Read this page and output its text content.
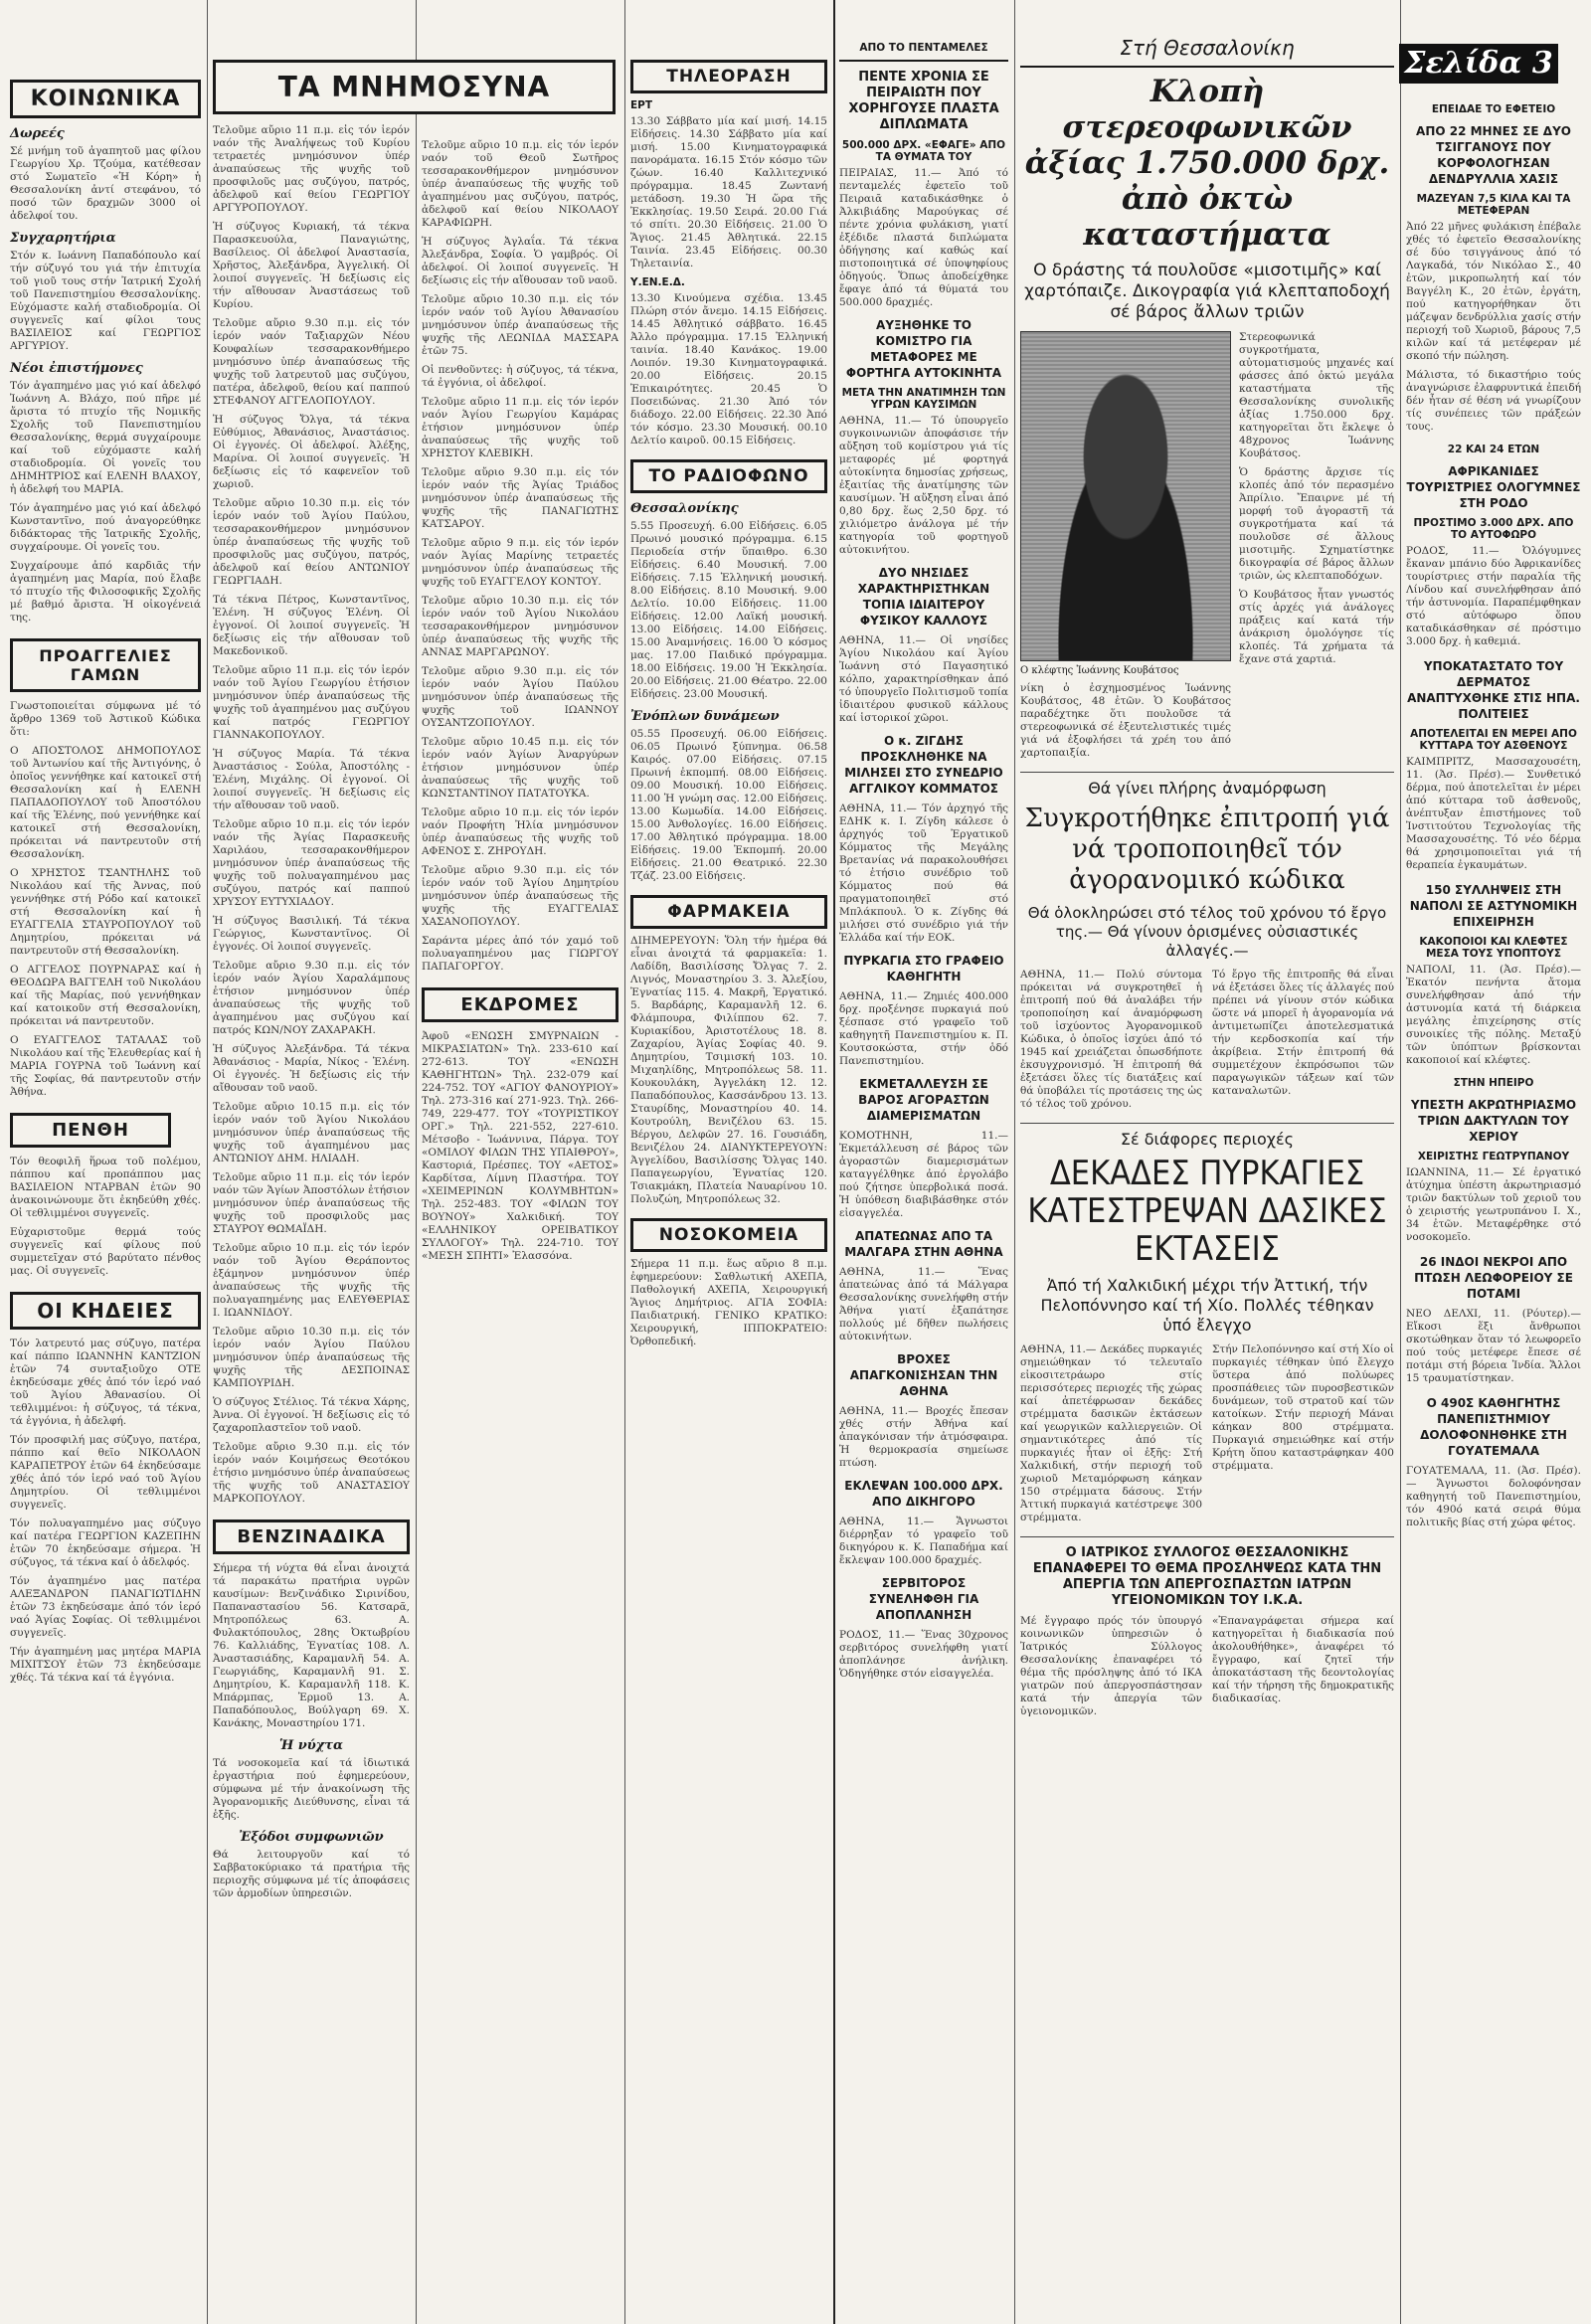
ΚΟΙΝΩΝΙΚΑ
Δωρεές

Σέ μνήμη τοῦ ἀγαπητοῦ μας φίλου Γεωργίου Χρ. Τζούμα, κατέθεσαν στό Σωματεῖο «Ἡ Κόρη» ἡ Θεσσαλονίκη ἀντί στεφάνου, τό ποσό τῶν δραχμῶν 3000 οἱ ἀδελφοί του.

Συγχαρητήρια

Στόν κ. Ιωάννη Παπαδόπουλο καί τήν σύζυγό του γιά τήν ἐπιτυχία τοῦ γιοῦ τους στήν Ἰατρική Σχολή τοῦ Πανεπιστημίου Θεσσαλονίκης. Εὐχόμαστε καλή σταδιοδρομία. Οἱ συγγενεῖς καί φίλοι τους ΒΑΣΙΛΕΙΟΣ καί ΓΕΩΡΓΙΟΣ ΑΡΓΥΡΙΟΥ.

Νέοι ἐπιστήμονες

Τόν ἀγαπημένο μας γιό καί ἀδελφό Ἰωάννη Α. Βλάχο, πού πῆρε μέ ἄριστα τό πτυχίο τῆς Νομικῆς Σχολῆς τοῦ Πανεπιστημίου Θεσσαλονίκης, θερμά συγχαίρουμε καί τοῦ εὐχόμαστε καλή σταδιοδρομία. Οἱ γονεῖς του ΔΗΜΗΤΡΙΟΣ καί ΕΛΕΝΗ ΒΛΑΧΟΥ, ἡ ἀδελφή του ΜΑΡΙΑ.

Τόν ἀγαπημένο μας γιό καί ἀδελφό Κωνσταντῖνο, πού ἀναγορεύθηκε διδάκτορας τῆς Ἰατρικῆς Σχολῆς, συγχαίρουμε. Οἱ γονεῖς του.

Συγχαίρουμε ἀπό καρδιᾶς τήν ἀγαπημένη μας Μαρία, πού ἔλαβε τό πτυχίο τῆς Φιλοσοφικῆς Σχολῆς μέ βαθμό ἄριστα. Ἡ οἰκογένειά της.

ΠΡΟΑΓΓΕΛΙΕΣ ΓΑΜΩΝ

Γνωστοποιείται σύμφωνα μέ τό ἄρθρο 1369 τοῦ Ἀστικοῦ Κώδικα ὅτι:

Ο ΑΠΟΣΤΟΛΟΣ ΔΗΜΟΠΟΥΛΟΣ τοῦ Ἀντωνίου καί τῆς Ἀντιγόνης, ὁ ὁποῖος γεννήθηκε καί κατοικεῖ στή Θεσσαλονίκη καί ἡ ΕΛΕΝΗ ΠΑΠΑΔΟΠΟΥΛΟΥ τοῦ Ἀποστόλου καί τῆς Ἑλένης, πού γεννήθηκε καί κατοικεῖ στή Θεσσαλονίκη, πρόκειται νά παντρευτοῦν στή Θεσσαλονίκη.

Ο ΧΡΗΣΤΟΣ ΤΣΑΝΤΗΛΗΣ τοῦ Νικολάου καί τῆς Ἀννας, πού γεννήθηκε στή Ρόδο καί κατοικεῖ στή Θεσσαλονίκη καί ἡ ΕΥΑΓΓΕΛΙΑ ΣΤΑΥΡΟΠΟΥΛΟΥ τοῦ Δημητρίου, πρόκειται νά παντρευτοῦν στή Θεσσαλονίκη.

Ο ΑΓΓΕΛΟΣ ΠΟΥΡΝΑΡΑΣ καί ἡ ΘΕΟΔΩΡΑ ΒΑΓΓΕΛΗ τοῦ Νικολάου καί τῆς Μαρίας, πού γεννήθηκαν καί κατοικοῦν στή Θεσσαλονίκη, πρόκειται νά παντρευτοῦν.

Ο ΕΥΑΓΓΕΛΟΣ ΤΑΤΑΛΑΣ τοῦ Νικολάου καί τῆς Ἐλευθερίας καί ἡ ΜΑΡΙΑ ΓΟΥΡΝΑ τοῦ Ἰωάννη καί τῆς Σοφίας, θά παντρευτοῦν στήν Ἀθήνα.

ΠΕΝΘΗ

Τόν θεοφιλῆ ἥρωα τοῦ πολέμου, πάππου καί προπάππου μας ΒΑΣΙΛΕΙΟΝ ΝΤΑΡΒΑΝ ἐτῶν 90 ἀνακοινώνουμε ὅτι ἐκηδεύθη χθές. Οἱ τεθλιμμένοι συγγενεῖς.

Εὐχαριστοῦμε θερμά τούς συγγενεῖς καί φίλους πού συμμετεῖχαν στό βαρύτατο πένθος μας. Οἱ συγγενεῖς.

ΟΙ ΚΗΔΕΙΕΣ

Τόν λατρευτό μας σύζυγο, πατέρα καί πάππο ΙΩΑΝΝΗΝ ΚΑΝΤΖΙΟΝ ἐτῶν 74 συνταξιοῦχο ΟΤΕ ἐκηδεύσαμε χθές ἀπό τόν ἱερό ναό τοῦ Ἁγίου Ἀθανασίου. Οἱ τεθλιμμένοι: ἡ σύζυγος, τά τέκνα, τά ἐγγόνια, ἡ ἀδελφή.

Τόν προσφιλή μας σύζυγο, πατέρα, πάππο καί θεῖο ΝΙΚΟΛΑΟΝ ΚΑΡΑΠΕΤΡΟΥ ἐτῶν 64 ἐκηδεύσαμε χθές ἀπό τόν ἱερό ναό τοῦ Ἁγίου Δημητρίου. Οἱ τεθλιμμένοι συγγενεῖς.

Τόν πολυαγαπημένο μας σύζυγο καί πατέρα ΓΕΩΡΓΙΟΝ ΚΑΖΕΠΗΝ ἐτῶν 70 ἐκηδεύσαμε σήμερα. Ἡ σύζυγος, τά τέκνα καί ὁ ἀδελφός.

Τόν ἀγαπημένο μας πατέρα ΑΛΕΞΑΝΔΡΟΝ ΠΑΝΑΓΙΩΤΙΔΗΝ ἐτῶν 73 ἐκηδεύσαμε ἀπό τόν ἱερό ναό Ἁγίας Σοφίας. Οἱ τεθλιμμένοι συγγενεῖς.

Τήν ἀγαπημένη μας μητέρα ΜΑΡΙΑ ΜΙΧΙΤΣΟΥ ἐτῶν 73 ἐκηδεύσαμε χθές. Τά τέκνα καί τά ἐγγόνια.

ΤΑ ΜΝΗΜΟΣΥΝΑ

Τελοῦμε αὔριο 11 π.μ. εἰς τόν ἱερόν ναόν τῆς Ἀναλήψεως τοῦ Κυρίου τετραετές μνημόσυνον ὑπέρ ἀναπαύσεως τῆς ψυχῆς τοῦ προσφιλοῦς μας συζύγου, πατρός, ἀδελφοῦ καί θείου ΓΕΩΡΓΙΟΥ ΑΡΓΥΡΟΠΟΥΛΟΥ.

Ἡ σύζυγος Κυριακή, τά τέκνα Παρασκευούλα, Παναγιώτης, Βασίλειος. Οἱ ἀδελφοί Ἀναστασία, Χρῆστος, Ἀλεξάνδρα, Ἀγγελική. Οἱ λοιποί συγγενεῖς. Ἡ δεξίωσις εἰς τήν αἴθουσαν Ἀναστάσεως τοῦ Κυρίου.

Τελοῦμε αὔριο 9.30 π.μ. εἰς τόν ἱερόν ναόν Ταξιαρχῶν Νέου Κουφαλίων τεσσαρακονθήμερο μνημόσυνο ὑπέρ ἀναπαύσεως τῆς ψυχῆς τοῦ λατρευτοῦ μας συζύγου, πατέρα, ἀδελφοῦ, θείου καί παππού ΣΤΕΦΑΝΟΥ ΑΓΓΕΛΟΠΟΥΛΟΥ.

Ἡ σύζυγος Ὄλγα, τά τέκνα Εὐθύμιος, Ἀθανάσιος, Ἀναστάσιος. Οἱ ἐγγονές. Οἱ ἀδελφοί. Ἀλέξης, Μαρίνα. Οἱ λοιποί συγγενεῖς. Ἡ δεξίωσις εἰς τό καφενεῖον τοῦ χωριοῦ.

Τελοῦμε αὔριο 10.30 π.μ. εἰς τόν ἱερόν ναόν τοῦ Ἁγίου Παύλου, τεσσαρακονθήμερον μνημόσυνον ὑπέρ ἀναπαύσεως τῆς ψυχῆς τοῦ προσφιλοῦς μας συζύγου, πατρός, ἀδελφοῦ καί θείου ΑΝΤΩΝΙΟΥ ΓΕΩΡΓΙΑΔΗ.

Τά τέκνα Πέτρος, Κωνσταντῖνος, Ἐλένη. Ἡ σύζυγος Ἑλένη. Οἱ ἐγγονοί. Οἱ λοιποί συγγενεῖς. Ἡ δεξίωσις εἰς τήν αἴθουσαν τοῦ Μακεδονικοῦ.

Τελοῦμε αὔριο 11 π.μ. εἰς τόν ἱερόν ναόν τοῦ Ἁγίου Γεωργίου ἐτήσιον μνημόσυνον ὑπέρ ἀναπαύσεως τῆς ψυχῆς τοῦ ἀγαπημένου μας συζύγου καί πατρός ΓΕΩΡΓΙΟΥ ΓΙΑΝΝΑΚΟΠΟΥΛΟΥ.

Ἡ σύζυγος Μαρία. Τά τέκνα Ἀναστάσιος - Σούλα, Ἀποστόλης - Ἐλένη, Μιχάλης. Οἱ ἐγγονοί. Οἱ λοιποί συγγενεῖς. Ἡ δεξίωσις εἰς τήν αἴθουσαν τοῦ ναοῦ.

Τελοῦμε αὔριο 10 π.μ. εἰς τόν ἱερόν ναόν τῆς Ἁγίας Παρασκευῆς Χαριλάου, τεσσαρακονθήμερον μνημόσυνον ὑπέρ ἀναπαύσεως τῆς ψυχῆς τοῦ πολυαγαπημένου μας συζύγου, πατρός καί παππού ΧΡΥΣΟΥ ΕΥΤΥΧΙΑΔΟΥ.

Ἡ σύζυγος Βασιλική. Τά τέκνα Γεώργιος, Κωνσταντῖνος. Οἱ ἐγγονές. Οἱ λοιποί συγγενεῖς.

Τελοῦμε αὔριο 9.30 π.μ. εἰς τόν ἱερόν ναόν Ἁγίου Χαραλάμπους ἐτήσιον μνημόσυνον ὑπέρ ἀναπαύσεως τῆς ψυχῆς τοῦ ἀγαπημένου μας συζύγου καί πατρός ΚΩΝ/ΝΟΥ ΖΑΧΑΡΑΚΗ.

Ἡ σύζυγος Ἀλεξάνδρα. Τά τέκνα Ἀθανάσιος - Μαρία, Νίκος - Ἐλένη. Οἱ ἐγγονές. Ἡ δεξίωσις εἰς τήν αἴθουσαν τοῦ ναοῦ.

Τελοῦμε αὔριο 10.15 π.μ. εἰς τόν ἱερόν ναόν τοῦ Ἁγίου Νικολάου μνημόσυνον ὑπέρ ἀναπαύσεως τῆς ψυχῆς τοῦ ἀγαπημένου μας ΑΝΤΩΝΙΟΥ ΔΗΜ. ΗΛΙΑΔΗ.

Τελοῦμε αὔριο 11 π.μ. εἰς τόν ἱερόν ναόν τῶν Ἁγίων Ἀποστόλων ἐτήσιον μνημόσυνον ὑπέρ ἀναπαύσεως τῆς ψυχῆς τοῦ προσφιλοῦς μας ΣΤΑΥΡΟΥ ΘΩΜΑΪΔΗ.

Τελοῦμε αὔριο 10 π.μ. εἰς τόν ἱερόν ναόν τοῦ Ἁγίου Θεράποντος ἑξάμηνον μνημόσυνον ὑπέρ ἀναπαύσεως τῆς ψυχῆς τῆς πολυαγαπημένης μας ΕΛΕΥΘΕΡΙΑΣ Ι. ΙΩΑΝΝΙΔΟΥ.

Τελοῦμε αὔριο 10.30 π.μ. εἰς τόν ἱερόν ναόν Ἁγίου Παύλου μνημόσυνον ὑπέρ ἀναπαύσεως τῆς ψυχῆς τῆς ΔΕΣΠΟΙΝΑΣ ΚΑΜΠΟΥΡΙΔΗ.

Ὁ σύζυγος Στέλιος. Τά τέκνα Χάρης, Ἀννα. Οἱ ἐγγονοί. Ἡ δεξίωσις εἰς τό ζαχαροπλαστεῖον τοῦ ναοῦ.

Τελοῦμε αὔριο 9.30 π.μ. εἰς τόν ἱερόν ναόν Κοιμήσεως Θεοτόκου ἐτήσιο μνημόσυνο ὑπέρ ἀναπαύσεως τῆς ψυχῆς τοῦ ΑΝΑΣΤΑΣΙΟΥ ΜΑΡΚΟΠΟΥΛΟΥ.

ΒΕΝΖΙΝΑΔΙΚΑ

Σήμερα τή νύχτα θά εἶναι ἀνοιχτά τά παρακάτω πρατήρια υγρῶν καυσίμων: Βενζινάδικο Σιρινίδου, Παπαναστασίου 56. Κατσαρᾶ, Μητροπόλεως 63. Α. Φυλακτόπουλος, 28ης Ὀκτωβρίου 76. Καλλιάδης, Ἐγνατίας 108. Λ. Ἀναστασιάδης, Καραμανλῆ 54. Α. Γεωργιάδης, Καραμανλῆ 91. Σ. Δημητρίου, Κ. Καραμανλῆ 118. Κ. Μπάρμπας, Ἐρμοῦ 13. Α. Παπαδόπουλος, Βούλγαρη 69. Χ. Κανάκης, Μοναστηρίου 171.

Ἡ νύχτα

Τά νοσοκομεῖα καί τά ἰδιωτικά ἐργαστήρια πού ἐφημερεύουν, σύμφωνα μέ τήν ἀνακοίνωση τῆς Ἀγορανομικῆς Διεύθυνσης, εἶναι τά ἑξῆς.

Ἐξόδοι συμφωνιῶν

Θά λειτουργοῦν καί τό Σαββατοκύριακο τά πρατήρια τῆς περιοχῆς σύμφωνα μέ τίς ἀποφάσεις τῶν ἀρμοδίων ὑπηρεσιῶν.

Τελοῦμε αὔριο 10 π.μ. εἰς τόν ἱερόν ναόν τοῦ Θεοῦ Σωτῆρος τεσσαρακονθήμερον μνημόσυνον ὑπέρ ἀναπαύσεως τῆς ψυχῆς τοῦ ἀγαπημένου μας συζύγου, πατρός, ἀδελφοῦ καί θείου ΝΙΚΟΛΑΟΥ ΚΑΡΑΦΙΩΡΗ.

Ἡ σύζυγος Ἀγλαΐα. Τά τέκνα Ἀλεξάνδρα, Σοφία. Ὁ γαμβρός. Οἱ ἀδελφοί. Οἱ λοιποί συγγενεῖς. Ἡ δεξίωσις εἰς τήν αἴθουσαν τοῦ ναοῦ.

Τελοῦμε αὔριο 10.30 π.μ. εἰς τόν ἱερόν ναόν τοῦ Ἁγίου Ἀθανασίου μνημόσυνον ὑπέρ ἀναπαύσεως τῆς ψυχῆς τῆς ΛΕΩΝΙΔΑ ΜΑΣΣΑΡΑ ἐτῶν 75.

Οἱ πενθοῦντες: ἡ σύζυγος, τά τέκνα, τά ἐγγόνια, οἱ ἀδελφοί.

Τελοῦμε αὔριο 11 π.μ. εἰς τόν ἱερόν ναόν Ἁγίου Γεωργίου Καμάρας ἐτήσιον μνημόσυνον ὑπέρ ἀναπαύσεως τῆς ψυχῆς τοῦ ΧΡΗΣΤΟΥ ΚΛΕΒΙΚΗ.

Τελοῦμε αὔριο 9.30 π.μ. εἰς τόν ἱερόν ναόν τῆς Ἁγίας Τριάδος μνημόσυνον ὑπέρ ἀναπαύσεως τῆς ψυχῆς τῆς ΠΑΝΑΓΙΩΤΗΣ ΚΑΤΣΑΡΟΥ.

Τελοῦμε αὔριο 9 π.μ. εἰς τόν ἱερόν ναόν Ἁγίας Μαρίνης τετραετές μνημόσυνον ὑπέρ ἀναπαύσεως τῆς ψυχῆς τοῦ ΕΥΑΓΓΕΛΟΥ ΚΟΝΤΟΥ.

Τελοῦμε αὔριο 10.30 π.μ. εἰς τόν ἱερόν ναόν τοῦ Ἁγίου Νικολάου τεσσαρακονθήμερον μνημόσυνον ὑπέρ ἀναπαύσεως τῆς ψυχῆς τῆς ΑΝΝΑΣ ΜΑΡΓΑΡΩΝΟΥ.

Τελοῦμε αὔριο 9.30 π.μ. εἰς τόν ἱερόν ναόν Ἁγίου Παύλου μνημόσυνον ὑπέρ ἀναπαύσεως τῆς ψυχῆς τοῦ ΙΩΑΝΝΟΥ ΟΥΣΑΝΤΖΟΠΟΥΛΟΥ.

Τελοῦμε αὔριο 10.45 π.μ. εἰς τόν ἱερόν ναόν Ἁγίων Ἀναργύρων ἐτήσιον μνημόσυνον ὑπέρ ἀναπαύσεως τῆς ψυχῆς τοῦ ΚΩΝΣΤΑΝΤΙΝΟΥ ΠΑΤΑΤΟΥΚΑ.

Τελοῦμε αὔριο 10 π.μ. εἰς τόν ἱερόν ναόν Προφήτη Ἠλία μνημόσυνον ὑπέρ ἀναπαύσεως τῆς ψυχῆς τοῦ ΑΦΕΝΟΣ Σ. ΖΗΡΟΥΔΗ.

Τελοῦμε αὔριο 9.30 π.μ. εἰς τόν ἱερόν ναόν τοῦ Ἁγίου Δημητρίου μνημόσυνον ὑπέρ ἀναπαύσεως τῆς ψυχῆς τῆς ΕΥΑΓΓΕΛΙΑΣ ΧΑΣΑΝΟΠΟΥΛΟΥ.

Σαράντα μέρες ἀπό τόν χαμό τοῦ πολυαγαπημένου μας ΓΙΩΡΓΟΥ ΠΑΠΑΓΟΡΓΟΥ.

ΕΚΔΡΟΜΕΣ

Ἀφοῦ «ΕΝΩΣΗ ΣΜΥΡΝΑΙΩΝ - ΜΙΚΡΑΣΙΑΤΩΝ» Τηλ. 233-610 καί 272-613. ΤΟΥ «ΕΝΩΣΗ ΚΑΘΗΓΗΤΩΝ» Τηλ. 232-079 καί 224-752. ΤΟΥ «ΑΓΙΟΥ ΦΑΝΟΥΡΙΟΥ» Τηλ. 273-316 καί 271-923. Τηλ. 266-749, 229-477. ΤΟΥ «ΤΟΥΡΙΣΤΙΚΟΥ ΟΡΓ.» Τηλ. 221-552, 227-610. Μέτσοβο - Ἰωάννινα, Πάργα. ΤΟΥ «ΟΜΙΛΟΥ ΦΙΛΩΝ ΤΗΣ ΥΠΑΙΘΡΟΥ», Καστοριά, Πρέσπες. ΤΟΥ «ΑΕΤΟΣ» Καρδίτσα, Λίμνη Πλαστήρα. ΤΟΥ «ΧΕΙΜΕΡΙΝΩΝ ΚΟΛΥΜΒΗΤΩΝ» Τηλ. 252-483. ΤΟΥ «ΦΙΛΩΝ ΤΟΥ ΒΟΥΝΟΥ» Χαλκιδική. ΤΟΥ «ΕΛΛΗΝΙΚΟΥ ΟΡΕΙΒΑΤΙΚΟΥ ΣΥΛΛΟΓΟΥ» Τηλ. 224-710. ΤΟΥ «ΜΕΣΗ ΣΠΗΤΙ» Ἐλασσόνα.

ΤΗΛΕΟΡΑΣΗ
ΕΡΤ

13.30 Σάββατο μία καί μισή. 14.15 Εἰδήσεις. 14.30 Σάββατο μία καί μισή. 15.00 Κινηματογραφικά πανοράματα. 16.15 Στόν κόσμο τῶν ζώων. 16.40 Καλλιτεχνικό πρόγραμμα. 18.45 Ζωντανή μετάδοση. 19.30 Ἡ ὥρα τῆς Ἐκκλησίας. 19.50 Σειρά. 20.00 Γιά τό σπίτι. 20.30 Εἰδήσεις. 21.00 Ὁ Ἅγιος. 21.45 Ἀθλητικά. 22.15 Ταινία. 23.45 Εἰδήσεις. 00.30 Τηλεταινία.

Υ.ΕΝ.Ε.Δ.

13.30 Κινούμενα σχέδια. 13.45 Πλώρη στόν ἄνεμο. 14.15 Εἰδήσεις. 14.45 Ἀθλητικό σάββατο. 16.45 Ἀλλο πρόγραμμα. 17.15 Ἑλληνική ταινία. 18.40 Κανάκος. 19.00 Λοιπόν. 19.30 Κινηματογραφικά. 20.00 Εἰδήσεις. 20.15 Ἐπικαιρότητες. 20.45 Ὁ Ποσειδώνας. 21.30 Ἀπό τόν διάδοχο. 22.00 Εἰδήσεις. 22.30 Ἀπό τόν κόσμο. 23.30 Μουσική. 00.10 Δελτίο καιροῦ. 00.15 Εἰδήσεις.

ΤΟ ΡΑΔΙΟΦΩΝΟ
Θεσσαλονίκης

5.55 Προσευχή. 6.00 Εἰδήσεις. 6.05 Πρωινό μουσικό πρόγραμμα. 6.15 Περιοδεία στήν ὕπαιθρο. 6.30 Εἰδήσεις. 6.40 Μουσική. 7.00 Εἰδήσεις. 7.15 Ἑλληνική μουσική. 8.00 Εἰδήσεις. 8.10 Μουσική. 9.00 Δελτίο. 10.00 Εἰδήσεις. 11.00 Εἰδήσεις. 12.00 Λαϊκή μουσική. 13.00 Εἰδήσεις. 14.00 Εἰδήσεις. 15.00 Ἀναμνήσεις. 16.00 Ὁ κόσμος μας. 17.00 Παιδικό πρόγραμμα. 18.00 Εἰδήσεις. 19.00 Ἡ Ἐκκλησία. 20.00 Εἰδήσεις. 21.00 Θέατρο. 22.00 Εἰδήσεις. 23.00 Μουσική.

Ἐνόπλων δυνάμεων

05.55 Προσευχή. 06.00 Εἰδήσεις. 06.05 Πρωινό ξύπνημα. 06.58 Καιρός. 07.00 Εἰδήσεις. 07.15 Πρωινή ἐκπομπή. 08.00 Εἰδήσεις. 09.00 Μουσική. 10.00 Εἰδήσεις. 11.00 Ἡ γνώμη σας. 12.00 Εἰδήσεις. 13.00 Κωμωδία. 14.00 Εἰδήσεις. 15.00 Ἀνθολογίες. 16.00 Εἰδήσεις. 17.00 Ἀθλητικό πρόγραμμα. 18.00 Εἰδήσεις. 19.00 Ἐκπομπή. 20.00 Εἰδήσεις. 21.00 Θεατρικό. 22.30 Τζάζ. 23.00 Εἰδήσεις.

ΦΑΡΜΑΚΕΙΑ

ΔΙΗΜΕΡΕΥΟΥΝ: Ὅλη τήν ἡμέρα θά εἶναι ἀνοιχτά τά φαρμακεῖα: 1. Λαδίδη, Βασιλίσσης Ὄλγας 7. 2. Λιγνός, Μοναστηρίου 3. 3. Ἀλεξίου, Ἐγνατίας 115. 4. Μακρῆ, Ἐργατικό. 5. Βαρδάρης, Καραμανλῆ 12. 6. Φλάμπουρα, Φιλίππου 62. 7. Κυριακίδου, Ἀριστοτέλους 18. 8. Ζαχαρίου, Ἁγίας Σοφίας 40. 9. Δημητρίου, Τσιμισκή 103. 10. Μιχαηλίδης, Μητροπόλεως 58. 11. Κουκουλάκη, Ἀγγελάκη 12. 12. Παπαδόπουλος, Κασσάνδρου 13. 13. Σταυρίδης, Μοναστηρίου 40. 14. Κουτρούλη, Βενιζέλου 63. 15. Βέργου, Δελφῶν 27. 16. Γουσιάδη, Βενιζέλου 24. ΔΙΑΝΥΚΤΕΡΕΥΟΥΝ: Ἀγγελίδου, Βασιλίσσης Ὄλγας 140. Παπαγεωργίου, Ἐγνατίας 120. Τσιακμάκη, Πλατεία Ναυαρίνου 10. Πολυζώη, Μητροπόλεως 32.

ΝΟΣΟΚΟΜΕΙΑ

Σήμερα 11 π.μ. ἕως αὔριο 8 π.μ. ἐφημερεύουν: Σαθλωτική ΑΧΕΠΑ, Παθολογική ΑΧΕΠΑ, Χειρουργική Ἅγιος Δημήτριος. ΑΓΙΑ ΣΟΦΙΑ: Παιδιατρική. ΓΕΝΙΚΟ ΚΡΑΤΙΚΟ: Χειρουργική, ΙΠΠΟΚΡΑΤΕΙΟ: Ὀρθοπεδική.

ΑΠΟ ΤΟ ΠΕΝΤΑΜΕΛΕΣ
ΠΕΝΤΕ ΧΡΟΝΙΑ ΣΕ ΠΕΙΡΑΙΩΤΗ ΠΟΥ ΧΟΡΗΓΟΥΣΕ ΠΛΑΣΤΑ ΔΙΠΛΩΜΑΤΑ
500.000 ΔΡΧ. «ΕΦΑΓΕ» ΑΠΟ ΤΑ ΘΥΜΑΤΑ ΤΟΥ

ΠΕΙΡΑΙΑΣ, 11.— Ἀπό τό πενταμελές ἐφετεῖο τοῦ Πειραιᾶ καταδικάσθηκε ὁ Ἀλκιβιάδης Μαρούγκας σέ πέντε χρόνια φυλάκιση, γιατί ἐξέδιδε πλαστά διπλώματα ὁδήγησης καί καθώς καί πιστοποιητικά σέ ὑποψηφίους ὁδηγούς. Ὅπως ἀποδείχθηκε ἔφαγε ἀπό τά θύματά του 500.000 δραχμές.

ΑΥΞΗΘΗΚΕ ΤΟ ΚΟΜΙΣΤΡΟ ΓΙΑ ΜΕΤΑΦΟΡΕΣ ΜΕ ΦΟΡΤΗΓΑ ΑΥΤΟΚΙΝΗΤΑ
ΜΕΤΑ ΤΗΝ ΑΝΑΤΙΜΗΣΗ ΤΩΝ ΥΓΡΩΝ ΚΑΥΣΙΜΩΝ

ΑΘΗΝΑ, 11.— Τό ὑπουργεῖο συγκοινωνιῶν ἀποφάσισε τήν αὔξηση τοῦ κομίστρου γιά τίς μεταφορές μέ φορτηγά αὐτοκίνητα δημοσίας χρήσεως, ἐξαιτίας τῆς ἀνατίμησης τῶν καυσίμων. Ἡ αὔξηση εἶναι ἀπό 0,80 δρχ. ἕως 2,50 δρχ. τό χιλιόμετρο ἀνάλογα μέ τήν κατηγορία τοῦ φορτηγοῦ αὐτοκινήτου.

ΔΥΟ ΝΗΣΙΔΕΣ ΧΑΡΑΚΤΗΡΙΣΤΗΚΑΝ ΤΟΠΙΑ ΙΔΙΑΙΤΕΡΟΥ ΦΥΣΙΚΟΥ ΚΑΛΛΟΥΣ

ΑΘΗΝΑ, 11.— Οἱ νησίδες Ἁγίου Νικολάου καί Ἁγίου Ἰωάννη στό Παγασητικό κόλπο, χαρακτηρίσθηκαν ἀπό τό ὑπουργεῖο Πολιτισμοῦ τοπία ἰδιαιτέρου φυσικοῦ κάλλους καί ἱστορικοί χῶροι.

Ο κ. ΖΙΓΔΗΣ ΠΡΟΣΚΛΗΘΗΚΕ ΝΑ ΜΙΛΗΣΕΙ ΣΤΟ ΣΥΝΕΔΡΙΟ ΑΓΓΛΙΚΟΥ ΚΟΜΜΑΤΟΣ

ΑΘΗΝΑ, 11.— Τόν ἀρχηγό τῆς ΕΔΗΚ κ. Ι. Ζίγδη κάλεσε ὁ ἀρχηγός τοῦ Ἐργατικοῦ Κόμματος τῆς Μεγάλης Βρετανίας νά παρακολουθήσει τό ἐτήσιο συνέδριο τοῦ Κόμματος πού θά πραγματοποιηθεῖ στό Μπλάκπουλ. Ὁ κ. Ζίγδης θά μιλήσει στό συνέδριο γιά τήν Ἑλλάδα καί τήν ΕΟΚ.

ΠΥΡΚΑΓΙΑ ΣΤΟ ΓΡΑΦΕΙΟ ΚΑΘΗΓΗΤΗ

ΑΘΗΝΑ, 11.— Ζημιές 400.000 δρχ. προξένησε πυρκαγιά πού ξέσπασε στό γραφεῖο τοῦ καθηγητῆ Πανεπιστημίου κ. Π. Κουτσοκώστα, στήν ὁδό Πανεπιστημίου.

ΕΚΜΕΤΑΛΛΕΥΣΗ ΣΕ ΒΑΡΟΣ ΑΓΟΡΑΣΤΩΝ ΔΙΑΜΕΡΙΣΜΑΤΩΝ

ΚΟΜΟΤΗΝΗ, 11.— Ἐκμετάλλευση σέ βάρος τῶν ἀγοραστῶν διαμερισμάτων καταγγέλθηκε ἀπό ἐργολάβο πού ζήτησε ὑπερβολικά ποσά. Ἡ ὑπόθεση διαβιβάσθηκε στόν εἰσαγγελέα.

ΑΠΑΤΕΩΝΑΣ ΑΠΟ ΤΑ ΜΑΛΓΑΡΑ ΣΤΗΝ ΑΘΗΝΑ

ΑΘΗΝΑ, 11.— Ἕνας ἀπατεώνας ἀπό τά Μάλγαρα Θεσσαλονίκης συνελήφθη στήν Ἀθήνα γιατί ἐξαπάτησε πολλούς μέ δῆθεν πωλήσεις αὐτοκινήτων.

ΒΡΟΧΕΣ ΑΠΑΓΚΟΝΙΣΗΣΑΝ ΤΗΝ ΑΘΗΝΑ

ΑΘΗΝΑ, 11.— Βροχές ἔπεσαν χθές στήν Ἀθήνα καί ἀπαγκόνισαν τήν ἀτμόσφαιρα. Ἡ θερμοκρασία σημείωσε πτώση.

ΕΚΛΕΨΑΝ 100.000 ΔΡΧ. ΑΠΟ ΔΙΚΗΓΟΡΟ

ΑΘΗΝΑ, 11.— Ἄγνωστοι διέρρηξαν τό γραφεῖο τοῦ δικηγόρου κ. Κ. Παπαδήμα καί ἔκλεψαν 100.000 δραχμές.

ΣΕΡΒΙΤΟΡΟΣ ΣΥΝΕΛΗΦΘΗ ΓΙΑ ΑΠΟΠΛΑΝΗΣΗ

ΡΟΔΟΣ, 11.— Ἕνας 30χρονος σερβιτόρος συνελήφθη γιατί ἀποπλάνησε ἀνήλικη. Ὁδηγήθηκε στόν εἰσαγγελέα.

Στή Θεσσαλονίκη
Κλοπὴ στερεοφωνικῶν ἀξίας 1.750.000 δρχ. ἀπὸ ὀκτὼ καταστήματα
Ο δράστης τά πουλοῦσε «μισοτιμῆς» καί χαρτόπαιζε. Δικογραφία γιά κλεπταποδοχή σέ βάρος ἄλλων τριῶν
Ο κλέφτης Ἰωάννης Κουβάτσος

νίκη ὁ ἐσχημοσμένος Ἰωάννης Κουβάτσος, 48 ἐτῶν. Ὁ Κουβάτσος παραδέχτηκε ὅτι πουλοῦσε τά στερεοφωνικά σέ ἐξευτελιστικές τιμές γιά νά ἐξοφλήσει τά χρέη του ἀπό χαρτοπαιξία.

Στερεοφωνικά συγκροτήματα, αὐτοματισμούς μηχανές καί φάσσες ἀπό ὀκτώ μεγάλα καταστήματα τῆς Θεσσαλονίκης συνολικῆς ἀξίας 1.750.000 δρχ. κατηγορεῖται ὅτι ἔκλεψε ὁ 48χρονος Ἰωάννης Κουβάτσος.

Ὁ δράστης ἄρχισε τίς κλοπές ἀπό τόν περασμένο Ἀπρίλιο. Ἔπαιρνε μέ τή μορφή τοῦ ἀγοραστῆ τά συγκροτήματα καί τά πουλοῦσε σέ ἄλλους μισοτιμῆς. Σχηματίστηκε δικογραφία σέ βάρος ἄλλων τριῶν, ὡς κλεπταποδόχων.

Ὁ Κουβάτσος ἦταν γνωστός στίς ἀρχές γιά ἀνάλογες πράξεις καί κατά τήν ἀνάκριση ὁμολόγησε τίς κλοπές. Τά χρήματα τά ἔχανε στά χαρτιά.

Θά γίνει πλήρης ἀναμόρφωση
Συγκροτήθηκε ἐπιτροπή γιά νά τροποποιηθεῖ τόν ἀγορανομικό κώδικα
Θά ὁλοκληρώσει στό τέλος τοῦ χρόνου τό ἔργο της.— Θά γίνουν ὁρισμένες οὐσιαστικές ἀλλαγές.—

ΑΘΗΝΑ, 11.— Πολύ σύντομα πρόκειται νά συγκροτηθεῖ ἡ ἐπιτροπή πού θά ἀναλάβει τήν τροποποίηση καί ἀναμόρφωση τοῦ ἰσχύοντος Ἀγορανομικοῦ Κώδικα, ὁ ὁποῖος ἰσχύει ἀπό τό 1945 καί χρειάζεται ὁπωσδήποτε ἐκσυγχρονισμό. Ἡ ἐπιτροπή θά ἐξετάσει ὅλες τίς διατάξεις καί θά ὑποβάλει τίς προτάσεις της ὡς τό τέλος τοῦ χρόνου.

Τό ἔργο τῆς ἐπιτροπῆς θά εἶναι νά ἐξετάσει ὅλες τίς ἀλλαγές πού πρέπει νά γίνουν στόν κώδικα ὥστε νά μπορεῖ ἡ ἀγορανομία νά ἀντιμετωπίζει ἀποτελεσματικά τήν κερδοσκοπία καί τήν ἀκρίβεια. Στήν ἐπιτροπή θά συμμετέχουν ἐκπρόσωποι τῶν παραγωγικῶν τάξεων καί τῶν καταναλωτῶν.

Σέ διάφορες περιοχές
ΔΕΚΑΔΕΣ ΠΥΡΚΑΓΙΕΣ ΚΑΤΕΣΤΡΕΨΑΝ ΔΑΣΙΚΕΣ ΕΚΤΑΣΕΙΣ
Ἀπό τή Χαλκιδική μέχρι τήν Ἀττική, τήν Πελοπόννησο καί τή Χίο. Πολλές τέθηκαν ὑπό ἔλεγχο

ΑΘΗΝΑ, 11.— Δεκάδες πυρκαγιές σημειώθηκαν τό τελευταῖο εἰκοσιτετράωρο στίς περισσότερες περιοχές τῆς χώρας καί ἀπετέφρωσαν δεκάδες στρέμματα δασικῶν ἐκτάσεων καί γεωργικῶν καλλιεργειῶν. Οἱ σημαντικότερες ἀπό τίς πυρκαγιές ἦταν οἱ ἑξῆς: Στή Χαλκιδική, στήν περιοχή τοῦ χωριοῦ Μεταμόρφωση κάηκαν 150 στρέμματα δάσους. Στήν Ἀττική πυρκαγιά κατέστρεψε 300 στρέμματα.

Στήν Πελοπόννησο καί στή Χίο οἱ πυρκαγιές τέθηκαν ὑπό ἔλεγχο ὕστερα ἀπό πολύωρες προσπάθειες τῶν πυροσβεστικῶν δυνάμεων, τοῦ στρατοῦ καί τῶν κατοίκων. Στήν περιοχή Μάναι κάηκαν 800 στρέμματα. Πυρκαγιά σημειώθηκε καί στήν Κρήτη ὅπου καταστράφηκαν 400 στρέμματα.

Ο ΙΑΤΡΙΚΟΣ ΣΥΛΛΟΓΟΣ ΘΕΣΣΑΛΟΝΙΚΗΣ ΕΠΑΝΑΦΕΡΕΙ ΤΟ ΘΕΜΑ ΠΡΟΣΛΗΨΕΩΣ ΚΑΤΑ ΤΗΝ ΑΠΕΡΓΙΑ ΤΩΝ ΑΠΕΡΓΟΣΠΑΣΤΩΝ ΙΑΤΡΩΝ ΥΓΕΙΟΝΟΜΙΚΩΝ ΤΟΥ Ι.Κ.Α.

Μέ ἔγγραφο πρός τόν ὑπουργό κοινωνικῶν ὑπηρεσιῶν ὁ Ἰατρικός Σύλλογος Θεσσαλονίκης ἐπαναφέρει τό θέμα τῆς πρόσληψης ἀπό τό ΙΚΑ γιατρῶν πού ἀπεργοσπάστησαν κατά τήν ἀπεργία τῶν ὑγειονομικῶν.

«Ἐπαναγράφεται σήμερα καί κατηγορεῖται ἡ διαδικασία πού ἀκολουθήθηκε», ἀναφέρει τό ἔγγραφο, καί ζητεῖ τήν ἀποκατάσταση τῆς δεοντολογίας καί τήν τήρηση τῆς δημοκρατικῆς διαδικασίας.

Σελίδα 3
ΕΠΕΙΔΑΕ ΤΟ ΕΦΕΤΕΙΟ
ΑΠΟ 22 ΜΗΝΕΣ ΣΕ ΔΥΟ ΤΣΙΓΓΑΝΟΥΣ ΠΟΥ ΚΟΡΦΟΛΟΓΗΣΑΝ ΔΕΝΔΡΥΛΛΙΑ ΧΑΣΙΣ
ΜΑΖΕΥΑΝ 7,5 ΚΙΛΑ ΚΑΙ ΤΑ ΜΕΤΕΦΕΡΑΝ

Ἀπό 22 μῆνες φυλάκιση ἐπέβαλε χθές τό ἐφετεῖο Θεσσαλονίκης σέ δύο τσιγγάνους ἀπό τό Λαγκαδά, τόν Νικόλαο Σ., 40 ἐτῶν, μικροπωλητή καί τόν Βαγγέλη Κ., 20 ἐτῶν, ἐργάτη, πού κατηγορήθηκαν ὅτι μάζεψαν δενδρύλλια χασίς στήν περιοχή τοῦ Χωριοῦ, βάρους 7,5 κιλῶν καί τά μετέφεραν μέ σκοπό τήν πώληση.

Μάλιστα, τό δικαστήριο τούς ἀναγνώρισε ἐλαφρυντικά ἐπειδή δέν ἦταν σέ θέση νά γνωρίζουν τίς συνέπειες τῶν πράξεών τους.

22 ΚΑΙ 24 ΕΤΩΝ
ΑΦΡΙΚΑΝΙΔΕΣ ΤΟΥΡΙΣΤΡΙΕΣ ΟΛΟΓΥΜΝΕΣ ΣΤΗ ΡΟΔΟ
ΠΡΟΣΤΙΜΟ 3.000 ΔΡΧ. ΑΠΟ ΤΟ ΑΥΤΟΦΩΡΟ

ΡΟΔΟΣ, 11.— Ὀλόγυμνες ἔκαναν μπάνιο δύο Ἀφρικανίδες τουρίστριες στήν παραλία τῆς Λίνδου καί συνελήφθησαν ἀπό τήν ἀστυνομία. Παραπέμφθηκαν στό αὐτόφωρο ὅπου καταδικάσθηκαν σέ πρόστιμο 3.000 δρχ. ἡ καθεμιά.

ΥΠΟΚΑΤΑΣΤΑΤΟ ΤΟΥ ΔΕΡΜΑΤΟΣ ΑΝΑΠΤΥΧΘΗΚΕ ΣΤΙΣ ΗΠΑ. ΠΟΛΙΤΕΙΕΣ
ΑΠΟΤΕΛΕΙΤΑΙ ΕΝ ΜΕΡΕΙ ΑΠΟ ΚΥΤΤΑΡΑ ΤΟΥ ΑΣΘΕΝΟΥΣ

ΚΑΙΜΠΡΙΤΖ, Μασσαχουσέτη, 11. (Ἀσ. Πρέσ).— Συνθετικό δέρμα, πού ἀποτελεῖται ἐν μέρει ἀπό κύτταρα τοῦ ἀσθενοῦς, ἀνέπτυξαν ἐπιστήμονες τοῦ Ἰνστιτούτου Τεχνολογίας τῆς Μασσαχουσέτης. Τό νέο δέρμα θά χρησιμοποιεῖται γιά τή θεραπεία ἐγκαυμάτων.

150 ΣΥΛΛΗΨΕΙΣ ΣΤΗ ΝΑΠΟΛΙ ΣΕ ΑΣΤΥΝΟΜΙΚΗ ΕΠΙΧΕΙΡΗΣΗ
ΚΑΚΟΠΟΙΟΙ ΚΑΙ ΚΛΕΦΤΕΣ ΜΕΣΑ ΤΟΥΣ ΥΠΟΠΤΟΥΣ

ΝΑΠΟΛΙ, 11. (Ἀσ. Πρέσ).— Ἑκατόν πενήντα ἄτομα συνελήφθησαν ἀπό τήν ἀστυνομία κατά τή διάρκεια μεγάλης ἐπιχείρησης στίς συνοικίες τῆς πόλης. Μεταξύ τῶν ὑπόπτων βρίσκονται κακοποιοί καί κλέφτες.

ΣΤΗΝ ΗΠΕΙΡΟ
ΥΠΕΣΤΗ ΑΚΡΩΤΗΡΙΑΣΜΟ ΤΡΙΩΝ ΔΑΚΤΥΛΩΝ ΤΟΥ ΧΕΡΙΟΥ
ΧΕΙΡΙΣΤΗΣ ΓΕΩΤΡΥΠΑΝΟΥ

ΙΩΑΝΝΙΝΑ, 11.— Σέ ἐργατικό ἀτύχημα ὑπέστη ἀκρωτηριασμό τριῶν δακτύλων τοῦ χεριοῦ του ὁ χειριστής γεωτρυπάνου Ι. Χ., 34 ἐτῶν. Μεταφέρθηκε στό νοσοκομεῖο.

26 ΙΝΔΟΙ ΝΕΚΡΟΙ ΑΠΟ ΠΤΩΣΗ ΛΕΩΦΟΡΕΙΟΥ ΣΕ ΠΟΤΑΜΙ

ΝΕΟ ΔΕΛΧΙ, 11. (Ρόυτερ).— Εἴκοσι ἕξι ἄνθρωποι σκοτώθηκαν ὅταν τό λεωφορεῖο πού τούς μετέφερε ἔπεσε σέ ποτάμι στή βόρεια Ἰνδία. Ἄλλοι 15 τραυματίστηκαν.

Ο 490Σ ΚΑΘΗΓΗΤΗΣ ΠΑΝΕΠΙΣΤΗΜΙΟΥ ΔΟΛΟΦΟΝΗΘΗΚΕ ΣΤΗ ΓΟΥΑΤΕΜΑΛΑ

ΓΟΥΑΤΕΜΑΛΑ, 11. (Ἀσ. Πρέσ).— Ἄγνωστοι δολοφόνησαν καθηγητή τοῦ Πανεπιστημίου, τόν 490ό κατά σειρά θύμα πολιτικῆς βίας στή χώρα φέτος.
